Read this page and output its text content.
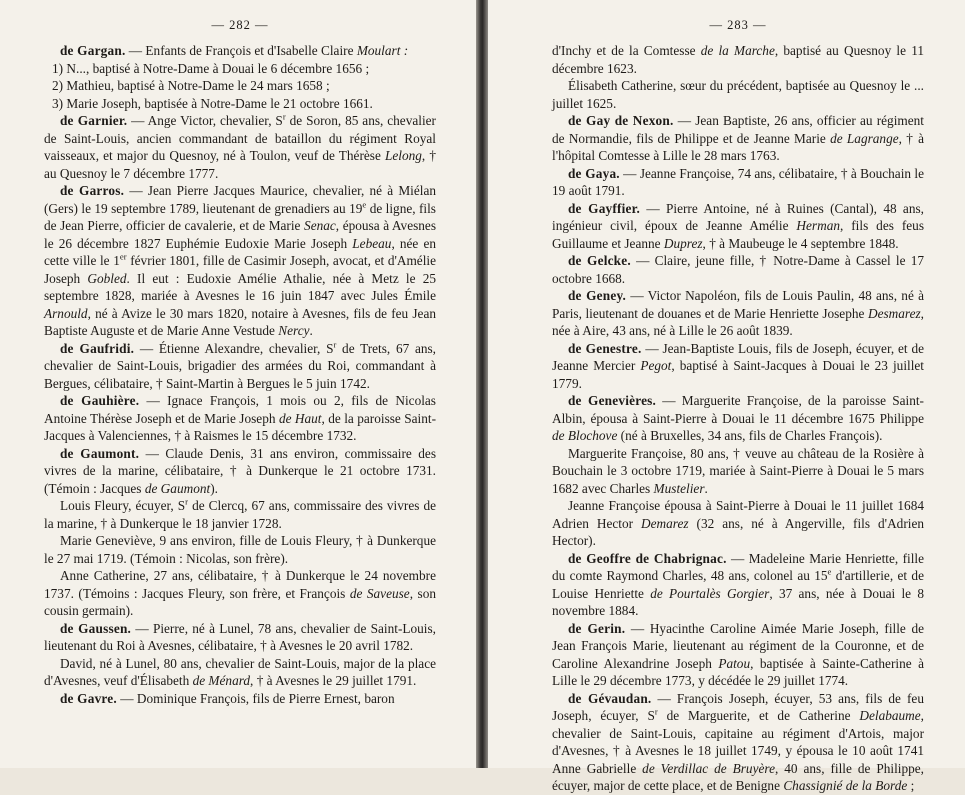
— 282 —

de Gargan. — Enfants de François et d'Isabelle Claire Moulart :

1) N..., baptisé à Notre-Dame à Douai le 6 décembre 1656 ;

2) Mathieu, baptisé à Notre-Dame le 24 mars 1658 ;

3) Marie Joseph, baptisée à Notre-Dame le 21 octobre 1661.

de Garnier. — Ange Victor, chevalier, $S^r$ de Soron, 85 ans, chevalier de Saint-Louis, ancien commandant de bataillon du régiment Royal vaisseaux, et major du Quesnoy, né à Toulon, veuf de Thérèse Lelong, † au Quesnoy le 7 décembre 1777.

de Garros. — Jean Pierre Jacques Maurice, chevalier, né à Miélan (Gers) le 19 septembre 1789, lieutenant de grenadiers au 19e de ligne, fils de Jean Pierre, officier de cavalerie, et de Marie Senac, épousa à Avesnes le 26 décembre 1827 Euphémie Eudoxie Marie Joseph Lebeau, née en cette ville le 1er février 1801, fille de Casimir Joseph, avocat, et d'Amélie Joseph Gobled. Il eut : Eudoxie Amélie Athalie, née à Metz le 25 septembre 1828, mariée à Avesnes le 16 juin 1847 avec Jules Émile Arnould, né à Avize le 30 mars 1820, notaire à Avesnes, fils de feu Jean Baptiste Auguste et de Marie Anne Vestude Nercy.

de Gaufridi. — Étienne Alexandre, chevalier, $S^r$ de Trets, 67 ans, chevalier de Saint-Louis, brigadier des armées du Roi, commandant à Bergues, célibataire, † Saint-Martin à Bergues le 5 juin 1742.

de Gauhière. — Ignace François, 1 mois ou 2, fils de Nicolas Antoine Thérèse Joseph et de Marie Joseph de Haut, de la paroisse Saint-Jacques à Valenciennes, † à Raismes le 15 décembre 1732.

de Gaumont. — Claude Denis, 31 ans environ, commissaire des vivres de la marine, célibataire, † à Dunkerque le 21 octobre 1731. (Témoin : Jacques de Gaumont).

Louis Fleury, écuyer, $S^r$ de Clercq, 67 ans, commissaire des vivres de la marine, † à Dunkerque le 18 janvier 1728.

Marie Geneviève, 9 ans environ, fille de Louis Fleury, † à Dunkerque le 27 mai 1719. (Témoin : Nicolas, son frère).

Anne Catherine, 27 ans, célibataire, † à Dunkerque le 24 novembre 1737. (Témoins : Jacques Fleury, son frère, et François de Saveuse, son cousin germain).

de Gaussen. — Pierre, né à Lunel, 78 ans, chevalier de Saint-Louis, lieutenant du Roi à Avesnes, célibataire, † à Avesnes le 20 avril 1782.

David, né à Lunel, 80 ans, chevalier de Saint-Louis, major de la place d'Avesnes, veuf d'Élisabeth de Ménard, † à Avesnes le 29 juillet 1791.

de Gavre. — Dominique François, fils de Pierre Ernest, baron

— 283 —

d'Inchy et de la Comtesse de la Marche, baptisé au Quesnoy le 11 décembre 1623.

Élisabeth Catherine, sœur du précédent, baptisée au Quesnoy le ... juillet 1625.

de Gay de Nexon. — Jean Baptiste, 26 ans, officier au régiment de Normandie, fils de Philippe et de Jeanne Marie de Lagrange, † à l'hôpital Comtesse à Lille le 28 mars 1763.

de Gaya. — Jeanne Françoise, 74 ans, célibataire, † à Bouchain le 19 août 1791.

de Gayffier. — Pierre Antoine, né à Ruines (Cantal), 48 ans, ingénieur civil, époux de Jeanne Amélie Herman, fils des feus Guillaume et Jeanne Duprez, † à Maubeuge le 4 septembre 1848.

de Gelcke. — Claire, jeune fille, † Notre-Dame à Cassel le 17 octobre 1668.

de Geney. — Victor Napoléon, fils de Louis Paulin, 48 ans, né à Paris, lieutenant de douanes et de Marie Henriette Josephe Desmarez, née à Aire, 43 ans, né à Lille le 26 août 1839.

de Genestre. — Jean-Baptiste Louis, fils de Joseph, écuyer, et de Jeanne Mercier Pegot, baptisé à Saint-Jacques à Douai le 23 juillet 1779.

de Genevières. — Marguerite Françoise, de la paroisse Saint-Albin, épousa à Saint-Pierre à Douai le 11 décembre 1675 Philippe de Blochove (né à Bruxelles, 34 ans, fils de Charles François).

Marguerite Françoise, 80 ans, † veuve au château de la Rosière à Bouchain le 3 octobre 1719, mariée à Saint-Pierre à Douai le 5 mars 1682 avec Charles Mustelier.

Jeanne Françoise épousa à Saint-Pierre à Douai le 11 juillet 1684 Adrien Hector Demarez (32 ans, né à Angerville, fils d'Adrien Hector).

de Geoffre de Chabrignac. — Madeleine Marie Henriette, fille du comte Raymond Charles, 48 ans, colonel au 15e d'artillerie, et de Louise Henriette de Pourtalès Gorgier, 37 ans, née à Douai le 8 novembre 1884.

de Gerin. — Hyacinthe Caroline Aimée Marie Joseph, fille de Jean François Marie, lieutenant au régiment de la Couronne, et de Caroline Alexandrine Joseph Patou, baptisée à Sainte-Catherine à Lille le 29 décembre 1773, y décédée le 29 juillet 1774.

de Gévaudan. — François Joseph, écuyer, 53 ans, fils de feu Joseph, écuyer, $S^r$ de Marguerite, et de Catherine Delabaume, chevalier de Saint-Louis, capitaine au régiment d'Artois, major d'Avesnes, † à Avesnes le 18 juillet 1749, y épousa le 10 août 1741 Anne Gabrielle de Verdillac de Bruyère, 40 ans, fille de Philippe, écuyer, major de cette place, et de Benigne Chassignié de la Borde ;
